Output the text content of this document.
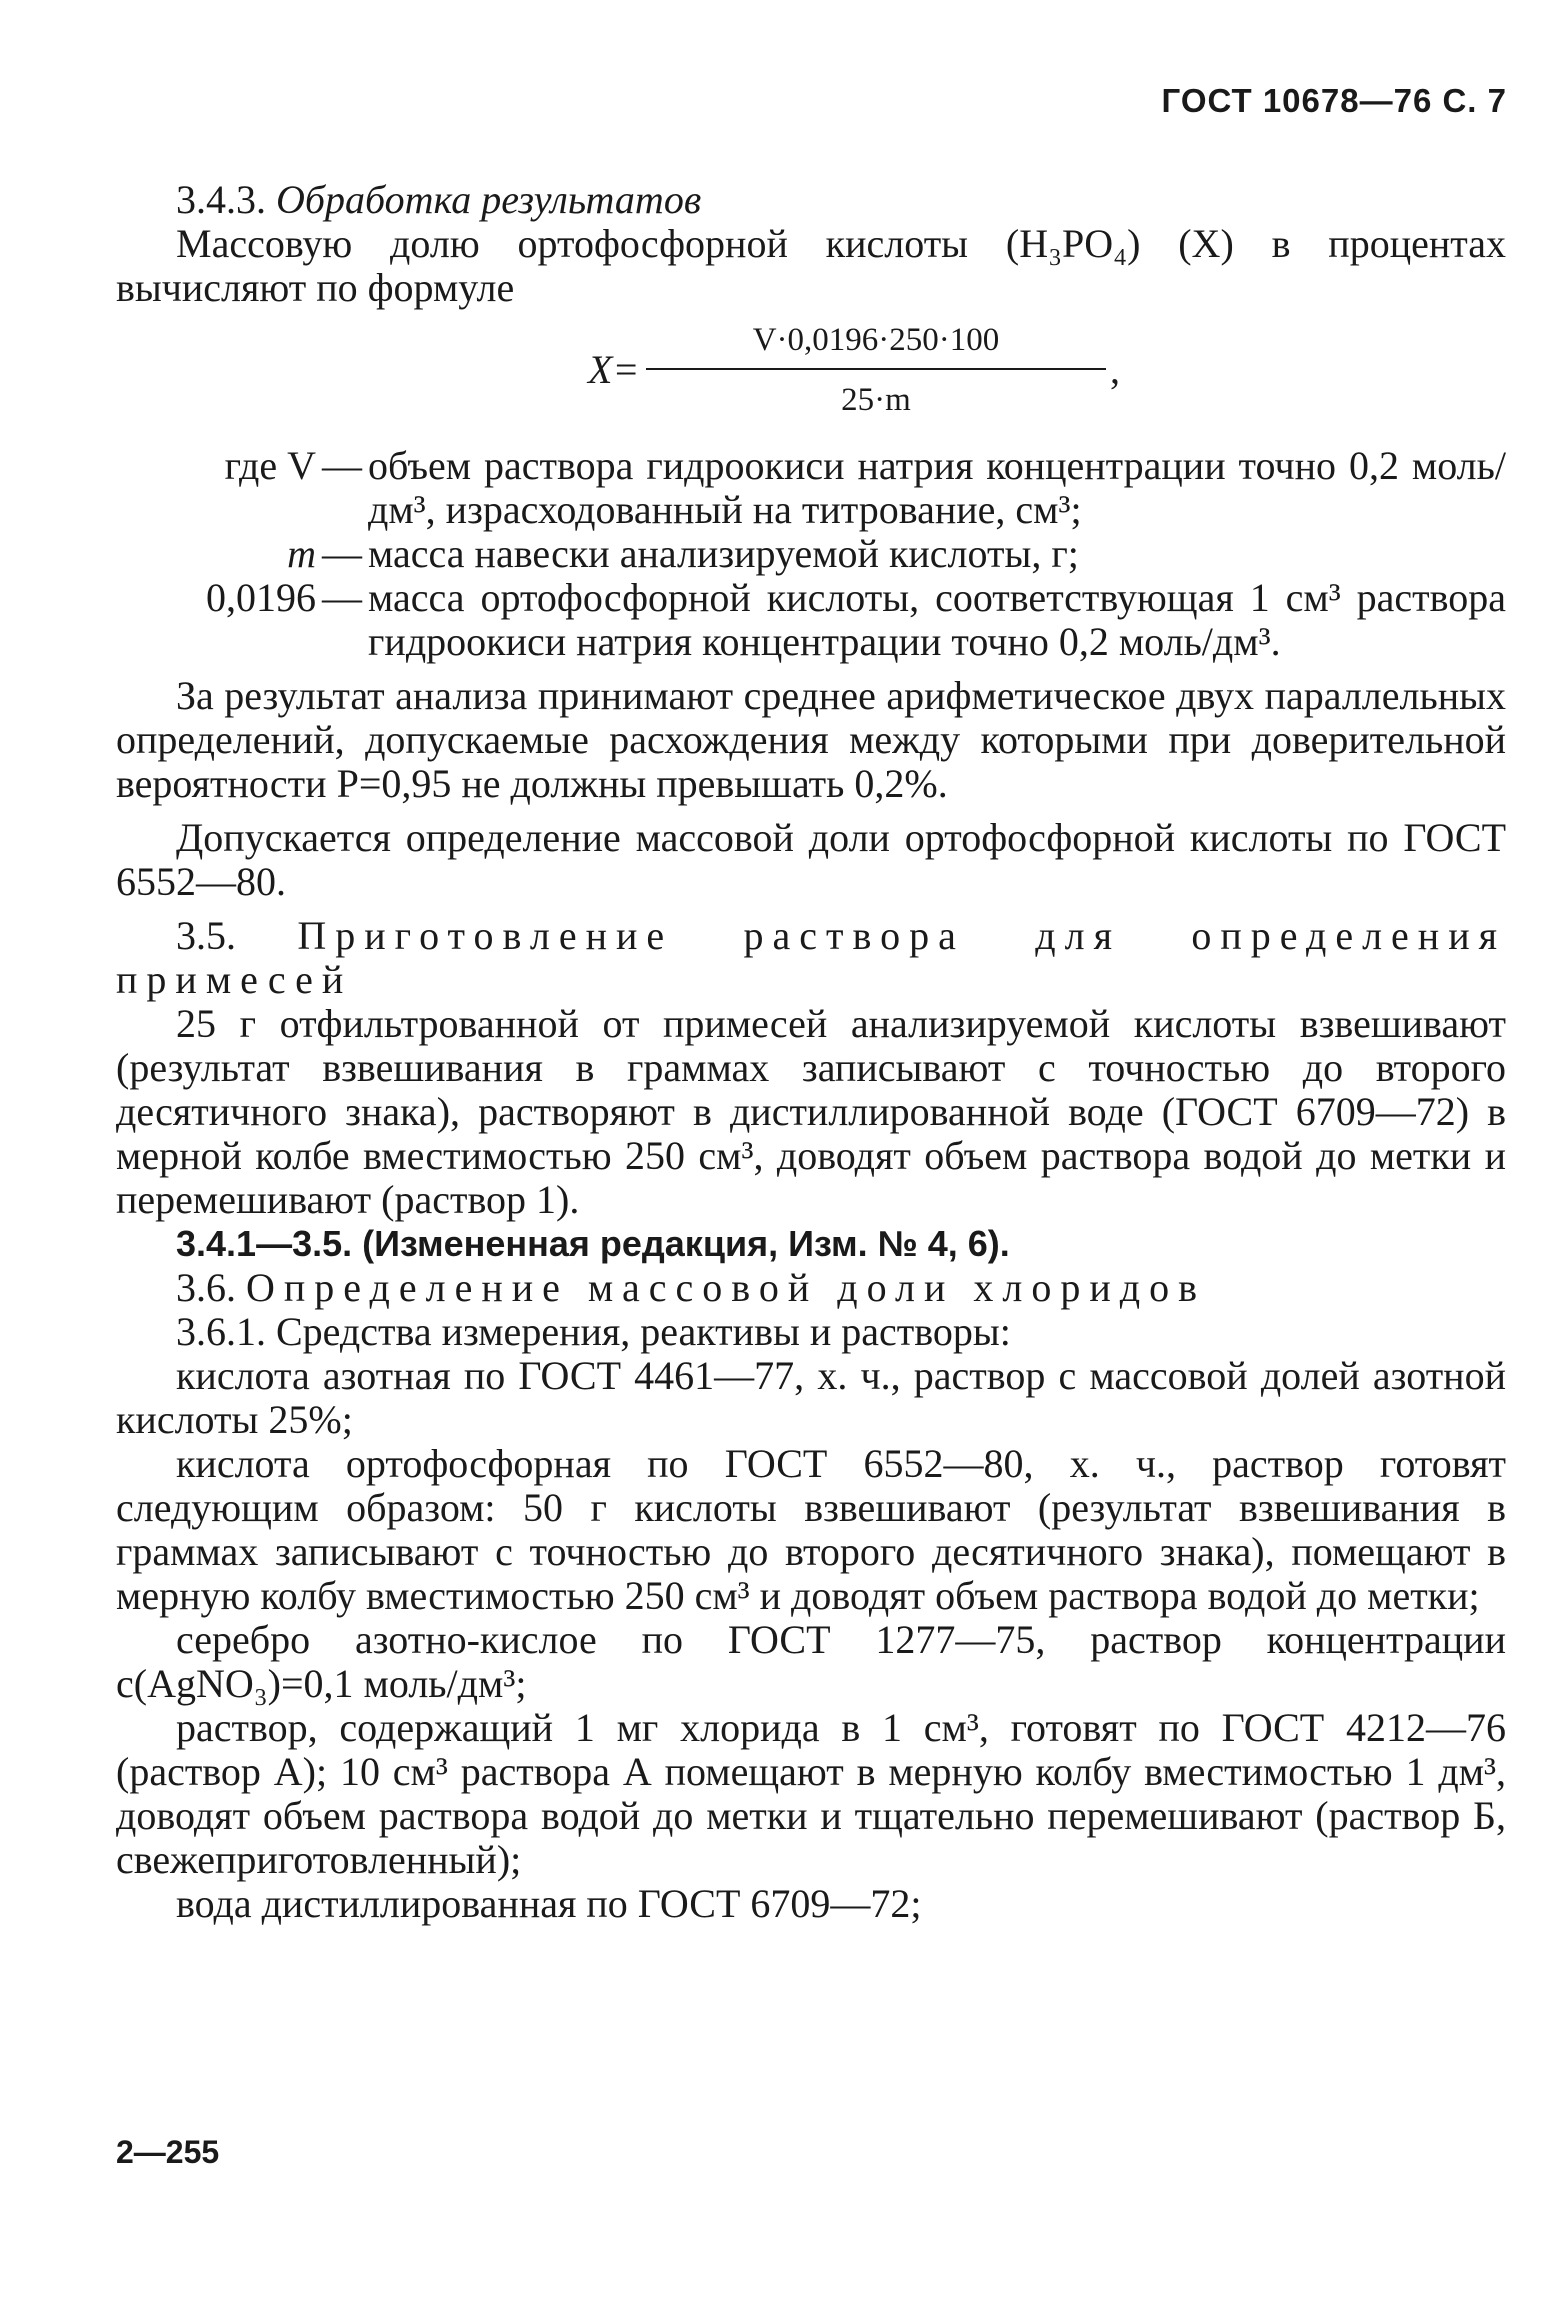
ГОСТ 10678—76 С. 7

3.4.3. Обработка результатов

Массовую долю ортофосфорной кислоты (H₃PO₄) (X) в процентах вычисляют по формуле

$X= \frac{V\cdot 0,0196\cdot 250\cdot 100}{25\cdot m}$ ,
где V — объем раствора гидроокиси натрия концентрации точно 0,2 моль/дм³, израсходованный на титрование, см³;
m — масса навески анализируемой кислоты, г;
0,0196 — масса ортофосфорной кислоты, соответствующая 1 см³ раствора гидроокиси натрия концентрации точно 0,2 моль/дм³.

За результат анализа принимают среднее арифметическое двух параллельных определений, допускаемые расхождения между которыми при доверительной вероятности P=0,95 не должны превышать 0,2%.

Допускается определение массовой доли ортофосфорной кислоты по ГОСТ 6552—80.

3.5. Приготовление раствора для определения примесей

25 г отфильтрованной от примесей анализируемой кислоты взвешивают (результат взвешивания в граммах записывают с точностью до второго десятичного знака), растворяют в дистиллированной воде (ГОСТ 6709—72) в мерной колбе вместимостью 250 см³, доводят объем раствора водой до метки и перемешивают (раствор 1).

3.4.1—3.5. (Измененная редакция, Изм. № 4, 6).

3.6. Определение массовой доли хлоридов

3.6.1. Средства измерения, реактивы и растворы:

кислота азотная по ГОСТ 4461—77, х. ч., раствор с массовой долей азотной кислоты 25%;

кислота ортофосфорная по ГОСТ 6552—80, х. ч., раствор готовят следующим образом: 50 г кислоты взвешивают (результат взвешивания в граммах записывают с точностью до второго десятичного знака), помещают в мерную колбу вместимостью 250 см³ и доводят объем раствора водой до метки;

серебро азотно-кислое по ГОСТ 1277—75, раствор концентрации c(AgNO₃)=0,1 моль/дм³;

раствор, содержащий 1 мг хлорида в 1 см³, готовят по ГОСТ 4212—76 (раствор А); 10 см³ раствора А помещают в мерную колбу вместимостью 1 дм³, доводят объем раствора водой до метки и тщательно перемешивают (раствор Б, свежеприготовленный);

вода дистиллированная по ГОСТ 6709—72;

2—255
